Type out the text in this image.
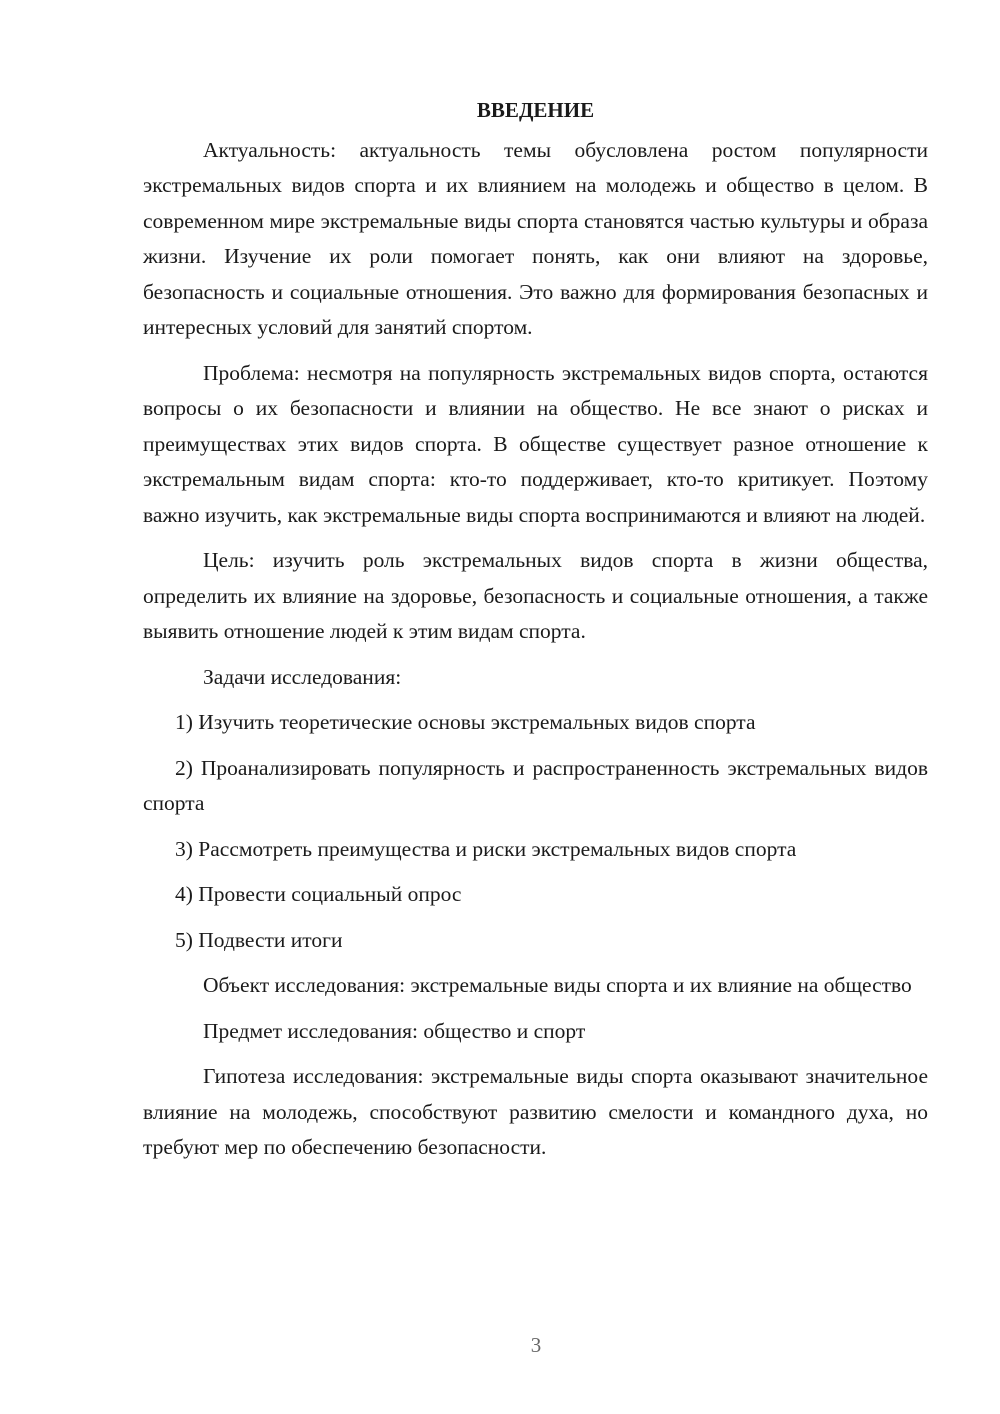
ВВЕДЕНИЕ

Актуальность: актуальность темы обусловлена ростом популярности экстремальных видов спорта и их влиянием на молодежь и общество в целом. В современном мире экстремальные виды спорта становятся частью культуры и образа жизни. Изучение их роли помогает понять, как они влияют на здоровье, безопасность и социальные отношения. Это важно для формирования безопасных и интересных условий для занятий спортом.

Проблема: несмотря на популярность экстремальных видов спорта, остаются вопросы о их безопасности и влиянии на общество. Не все знают о рисках и преимуществах этих видов спорта. В обществе существует разное отношение к экстремальным видам спорта: кто-то поддерживает, кто-то критикует. Поэтому важно изучить, как экстремальные виды спорта воспринимаются и влияют на людей.

Цель: изучить роль экстремальных видов спорта в жизни общества, определить их влияние на здоровье, безопасность и социальные отношения, а также выявить отношение людей к этим видам спорта.

Задачи исследования:

1) Изучить теоретические основы экстремальных видов спорта

2) Проанализировать популярность и распространенность экстремальных видов спорта

3) Рассмотреть преимущества и риски экстремальных видов спорта

4) Провести социальный опрос

5) Подвести итоги

Объект исследования: экстремальные виды спорта и их влияние на общество

Предмет исследования: общество и спорт

Гипотеза исследования: экстремальные виды спорта оказывают значительное влияние на молодежь, способствуют развитию смелости и командного духа, но требуют мер по обеспечению безопасности.

3
